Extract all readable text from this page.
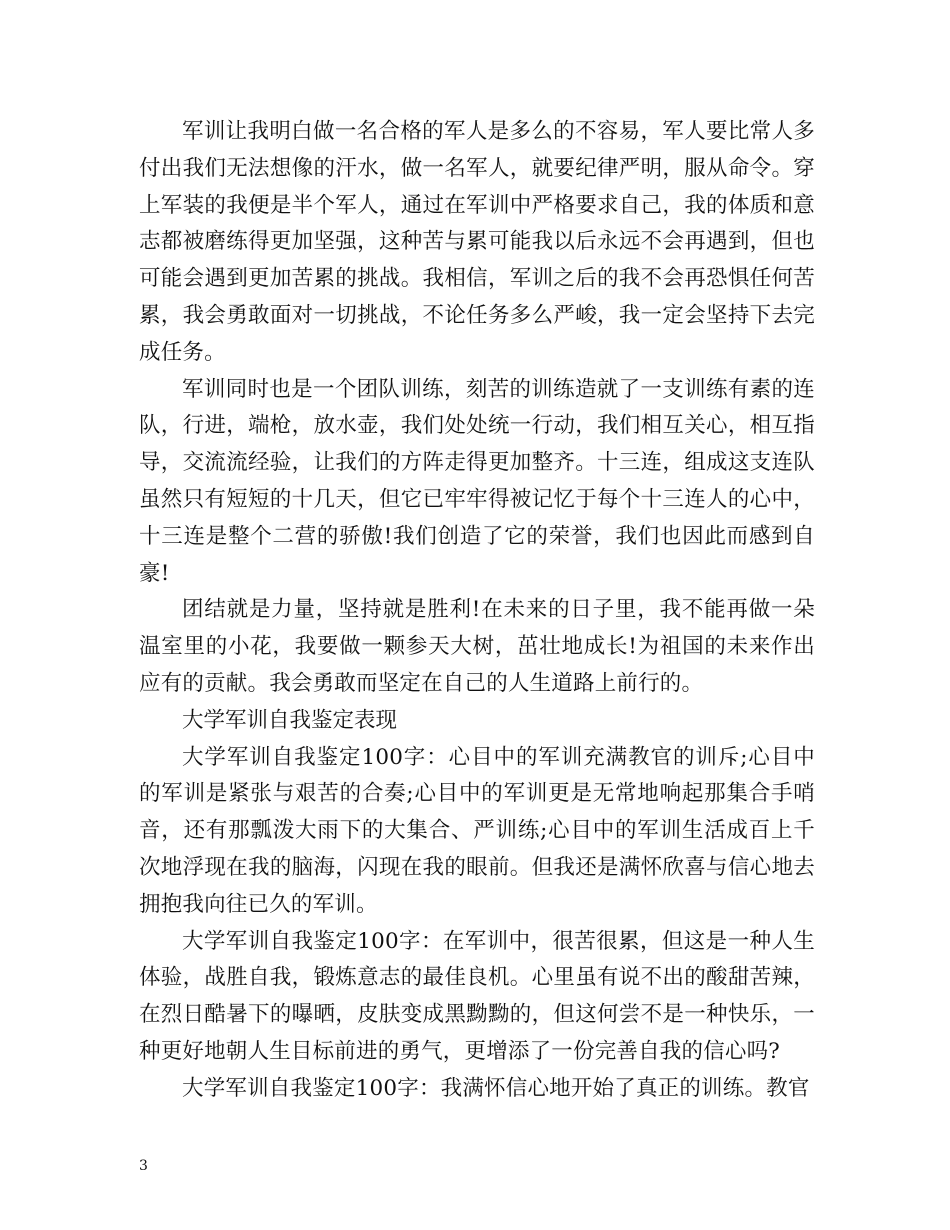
军训让我明白做一名合格的军人是多么的不容易，军人要比常人多付出我们无法想像的汗水，做一名军人，就要纪律严明，服从命令。穿上军装的我便是半个军人，通过在军训中严格要求自己，我的体质和意志都被磨练得更加坚强，这种苦与累可能我以后永远不会再遇到，但也可能会遇到更加苦累的挑战。我相信，军训之后的我不会再恐惧任何苦累，我会勇敢面对一切挑战，不论任务多么严峻，我一定会坚持下去完成任务。

军训同时也是一个团队训练，刻苦的训练造就了一支训练有素的连队，行进，端枪，放水壶，我们处处统一行动，我们相互关心，相互指导，交流流经验，让我们的方阵走得更加整齐。十三连，组成这支连队虽然只有短短的十几天，但它已牢牢得被记忆于每个十三连人的心中，十三连是整个二营的骄傲!我们创造了它的荣誉，我们也因此而感到自豪!

团结就是力量，坚持就是胜利!在未来的日子里，我不能再做一朵温室里的小花，我要做一颗参天大树，茁壮地成长!为祖国的未来作出应有的贡献。我会勇敢而坚定在自己的人生道路上前行的。

大学军训自我鉴定表现

大学军训自我鉴定100字：心目中的军训充满教官的训斥;心目中的军训是紧张与艰苦的合奏;心目中的军训更是无常地响起那集合手哨音，还有那瓢泼大雨下的大集合、严训练;心目中的军训生活成百上千次地浮现在我的脑海，闪现在我的眼前。但我还是满怀欣喜与信心地去拥抱我向往已久的军训。

大学军训自我鉴定100字：在军训中，很苦很累，但这是一种人生体验，战胜自我，锻炼意志的最佳良机。心里虽有说不出的酸甜苦辣，在烈日酷暑下的曝晒，皮肤变成黑黝黝的，但这何尝不是一种快乐，一种更好地朝人生目标前进的勇气，更增添了一份完善自我的信心吗?

大学军训自我鉴定100字：我满怀信心地开始了真正的训练。教官

3
